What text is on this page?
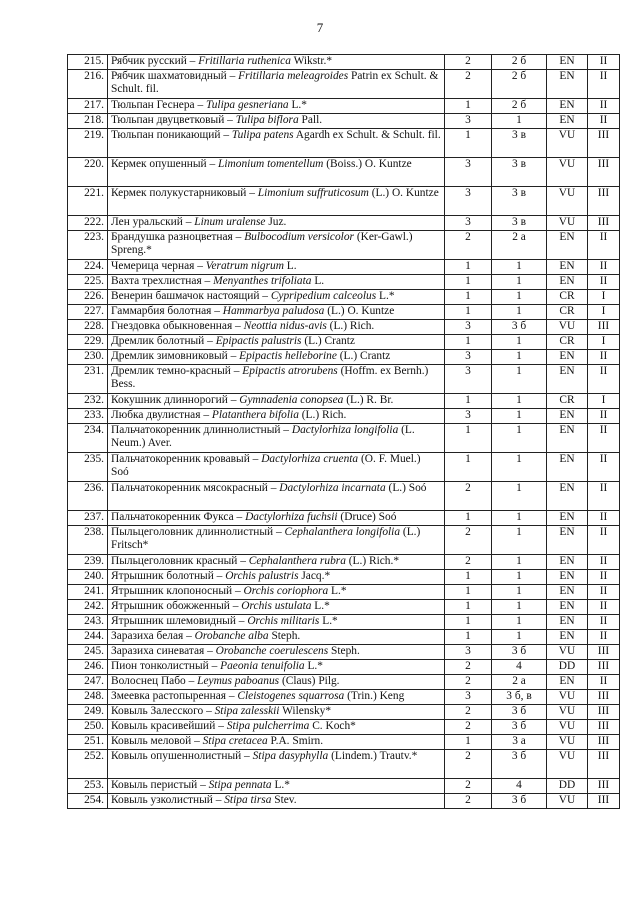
7
215.	Рябчик русский – Fritillaria ruthenica Wikstr.*	2	2 б	EN	II
216.	Рябчик шахматовидный – Fritillaria meleagroides Patrin ex Schult. & Schult. fil.	2	2 б	EN	II
217.	Тюльпан Геснера – Tulipa gesneriana L.*	1	2 б	EN	II
218.	Тюльпан двуцветковый – Tulipa biflora Pall.	3	1	EN	II
219.	Тюльпан поникающий – Tulipa patens Agardh ex Schult. & Schult. fil.	1	3 в	VU	III
220.	Кермек опушенный – Limonium tomentellum (Boiss.) O. Kuntze	3	3 в	VU	III
221.	Кермек полукустарниковый – Limonium suffruticosum (L.) O. Kuntze	3	3 в	VU	III
222.	Лен уральский – Linum uralense Juz.	3	3 в	VU	III
223.	Брандушка разноцветная – Bulbocodium versicolor (Ker-Gawl.) Spreng.*	2	2 а	EN	II
224.	Чемерица черная – Veratrum nigrum L.	1	1	EN	II
225.	Вахта трехлистная – Menyanthes trifoliata L.	1	1	EN	II
226.	Венерин башмачок настоящий – Cypripedium calceolus L.*	1	1	CR	I
227.	Гаммарбия болотная – Hammarbya paludosa (L.) O. Kuntze	1	1	CR	I
228.	Гнездовка обыкновенная – Neottia nidus-avis (L.) Rich.	3	3 б	VU	III
229.	Дремлик болотный – Epipactis palustris (L.) Crantz	1	1	CR	I
230.	Дремлик зимовниковый – Epipactis helleborine (L.) Crantz	3	1	EN	II
231.	Дремлик темно-красный – Epipactis atrorubens (Hoffm. ex Bernh.) Bess.	3	1	EN	II
232.	Кокушник длиннорогий – Gymnadenia conopsea (L.) R. Br.	1	1	CR	I
233.	Любка двулистная – Platanthera bifolia (L.) Rich.	3	1	EN	II
234.	Пальчатокоренник длиннолистный – Dactylorhiza longifolia (L. Neum.) Aver.	1	1	EN	II
235.	Пальчатокоренник кровавый – Dactylorhiza cruenta (O. F. Muel.) Soó	1	1	EN	II
236.	Пальчатокоренник мясокрасный – Dactylorhiza incarnata (L.) Soó	2	1	EN	II
237.	Пальчатокоренник Фукса – Dactylorhiza fuchsii (Druce) Soó	1	1	EN	II
238.	Пыльцеголовник длиннолистный – Cephalanthera longifolia (L.) Fritsch*	2	1	EN	II
239.	Пыльцеголовник красный – Cephalanthera rubra (L.) Rich.*	2	1	EN	II
240.	Ятрышник болотный – Orchis palustris Jacq.*	1	1	EN	II
241.	Ятрышник клопоносный – Orchis coriophora L.*	1	1	EN	II
242.	Ятрышник обожженный – Orchis ustulata L.*	1	1	EN	II
243.	Ятрышник шлемовидный – Orchis militaris L.*	1	1	EN	II
244.	Заразиха белая – Orobanche alba Steph.	1	1	EN	II
245.	Заразиха синеватая – Orobanche coerulescens Steph.	3	3 б	VU	III
246.	Пион тонколистный – Paeonia tenuifolia L.*	2	4	DD	III
247.	Волоснец Пабо – Leymus paboanus (Claus) Pilg.	2	2 а	EN	II
248.	Змеевка растопыренная – Cleistogenes squarrosa (Trin.) Keng	3	3 б, в	VU	III
249.	Ковыль Залесского – Stipa zalesskii Wilensky*	2	3 б	VU	III
250.	Ковыль красивейший – Stipa pulcherrima C. Koch*	2	3 б	VU	III
251.	Ковыль меловой – Stipa cretacea P.A. Smirn.	1	3 а	VU	III
252.	Ковыль опушеннолистный – Stipa dasyphylla (Lindem.) Trautv.*	2	3 б	VU	III
253.	Ковыль перистый – Stipa pennata L.*	2	4	DD	III
254.	Ковыль узколистный – Stipa tirsa Stev.	2	3 б	VU	III
